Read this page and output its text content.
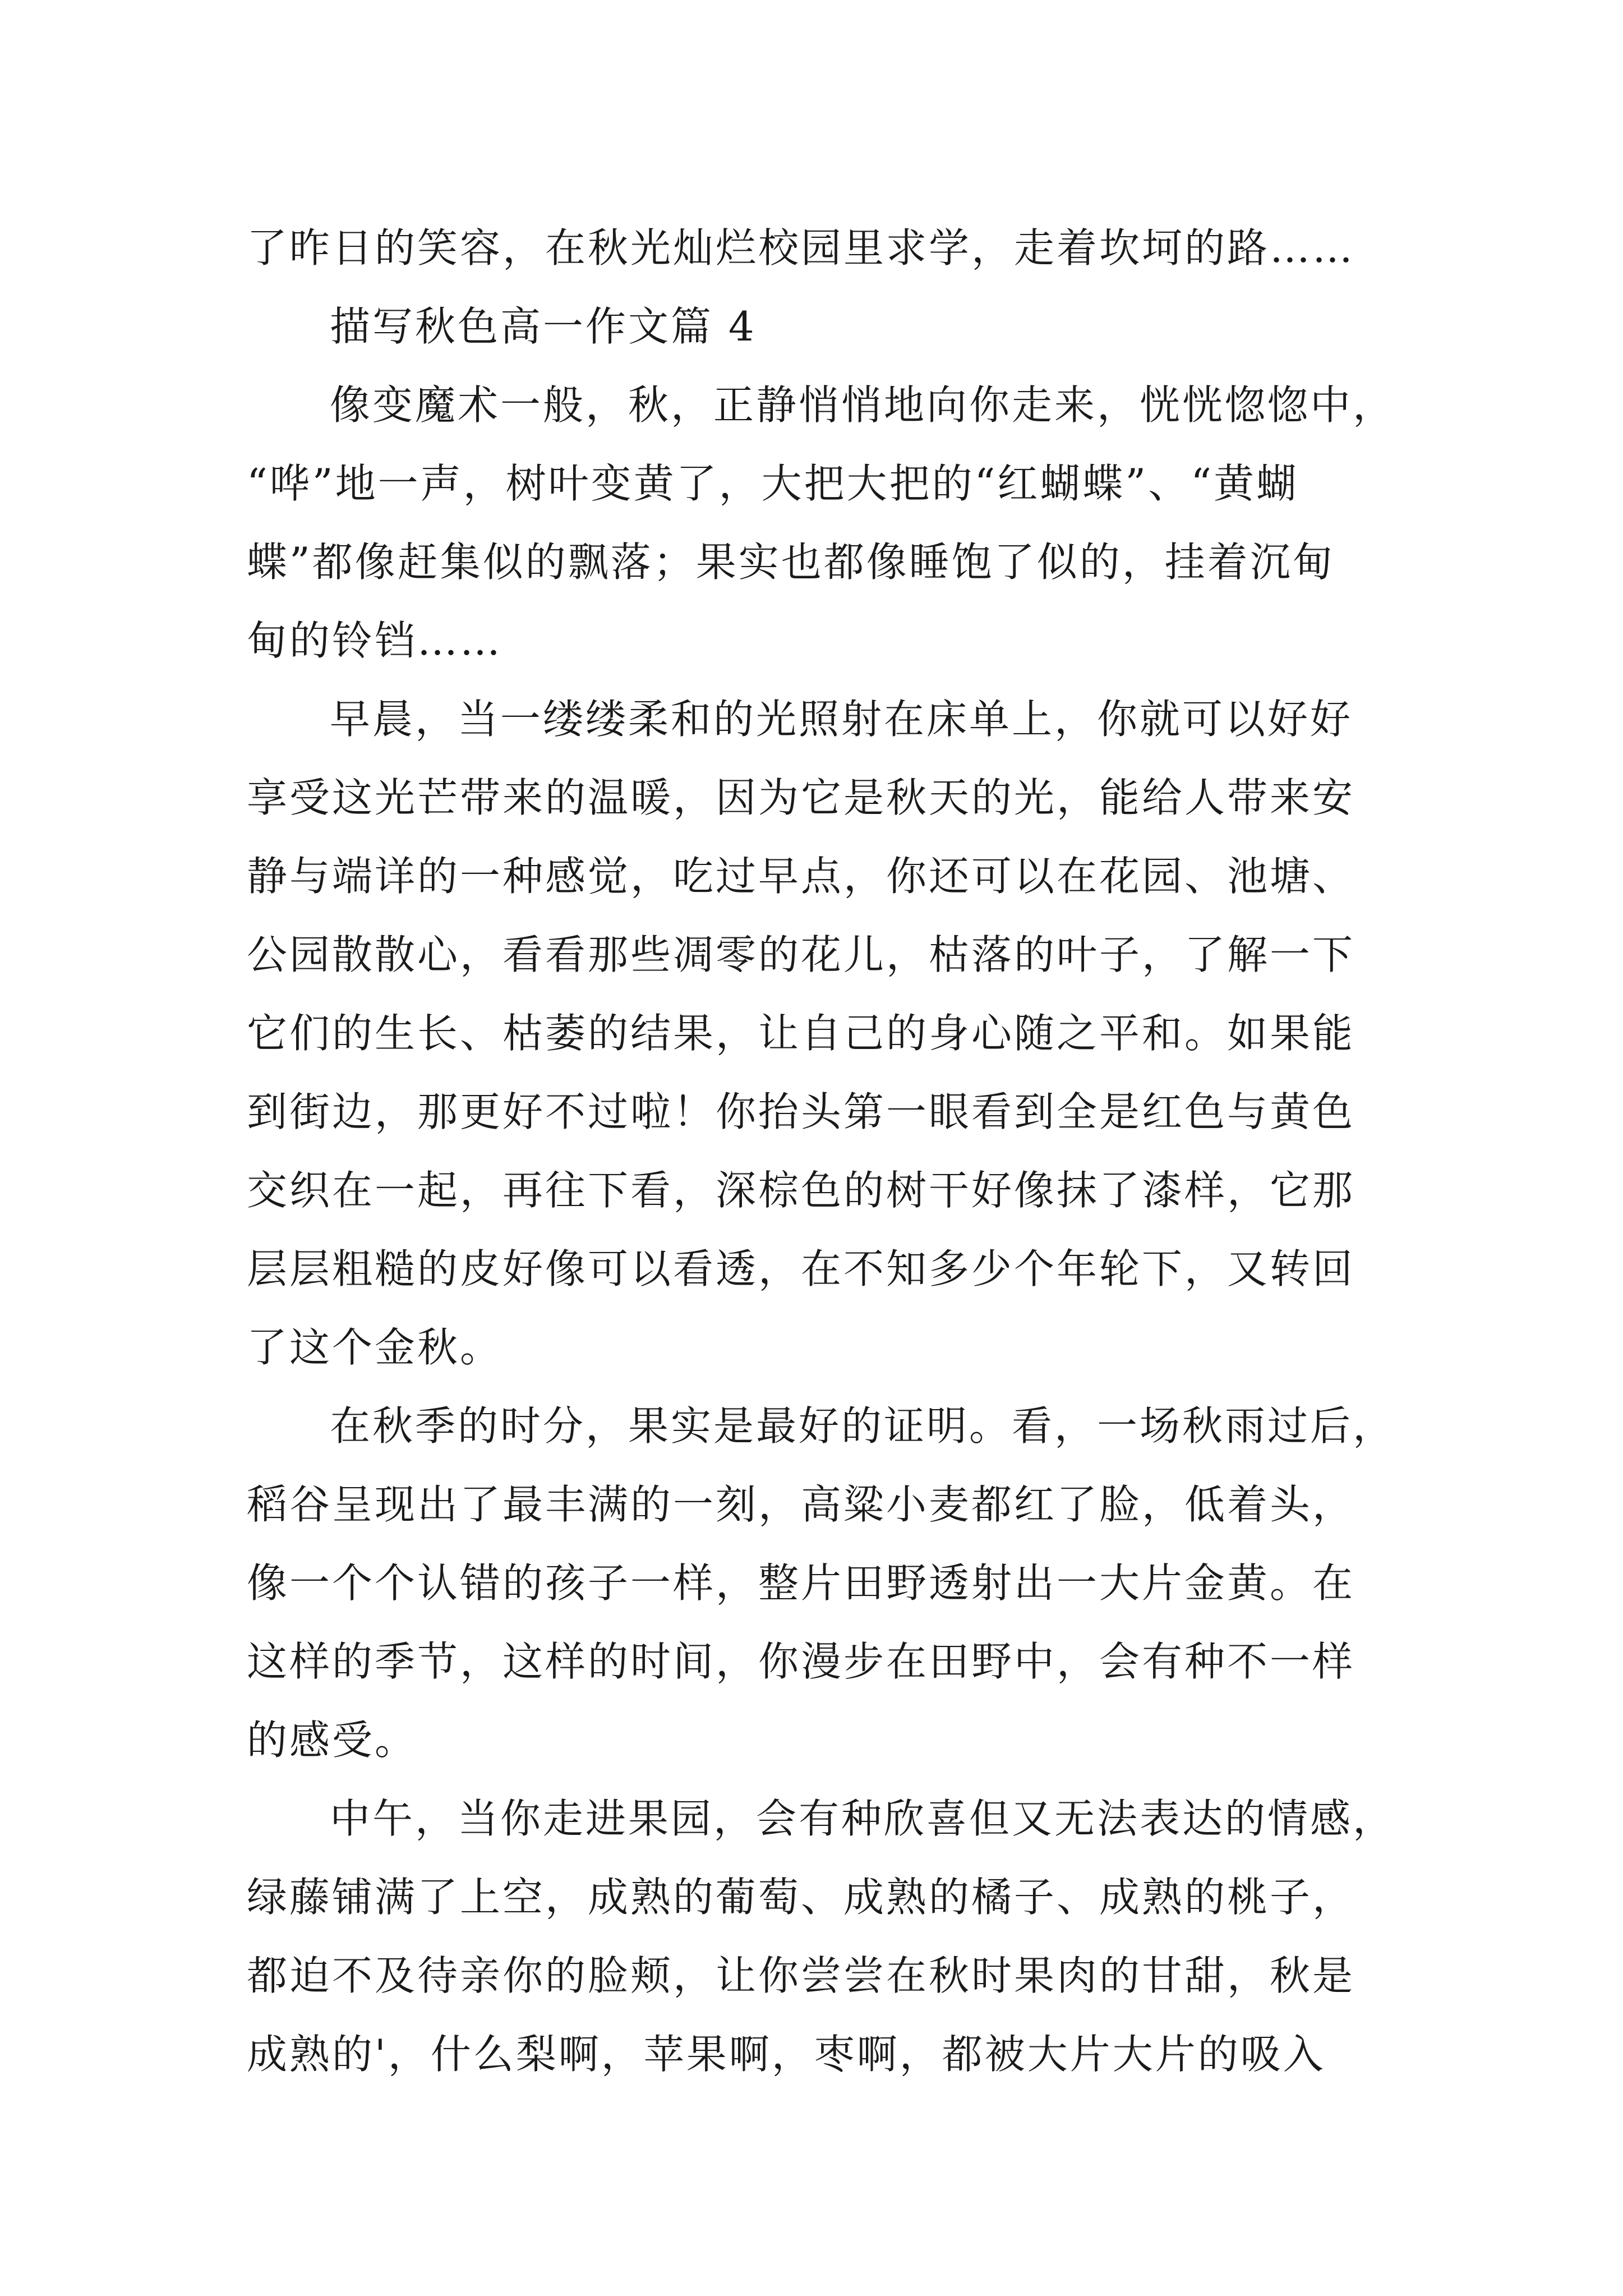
了昨日的笑容，在秋光灿烂校园里求学，走着坎坷的路……
描写秋色高一作文篇 4
像变魔术一般，秋，正静悄悄地向你走来，恍恍惚惚中，
“哗”地一声，树叶变黄了，大把大把的“红蝴蝶”、“黄蝴
蝶”都像赶集似的飘落；果实也都像睡饱了似的，挂着沉甸
甸的铃铛……
早晨，当一缕缕柔和的光照射在床单上，你就可以好好
享受这光芒带来的温暖，因为它是秋天的光，能给人带来安
静与端详的一种感觉，吃过早点，你还可以在花园、池塘、
公园散散心，看看那些凋零的花儿，枯落的叶子，了解一下
它们的生长、枯萎的结果，让自己的身心随之平和。如果能
到街边，那更好不过啦！你抬头第一眼看到全是红色与黄色
交织在一起，再往下看，深棕色的树干好像抹了漆样，它那
层层粗糙的皮好像可以看透，在不知多少个年轮下，又转回
了这个金秋。
在秋季的时分，果实是最好的证明。看，一场秋雨过后，
稻谷呈现出了最丰满的一刻，高粱小麦都红了脸，低着头，
像一个个认错的孩子一样，整片田野透射出一大片金黄。在
这样的季节，这样的时间，你漫步在田野中，会有种不一样
的感受。
中午，当你走进果园，会有种欣喜但又无法表达的情感，
绿藤铺满了上空，成熟的葡萄、成熟的橘子、成熟的桃子，
都迫不及待亲你的脸颊，让你尝尝在秋时果肉的甘甜，秋是
成熟的'，什么梨啊，苹果啊，枣啊，都被大片大片的吸入
